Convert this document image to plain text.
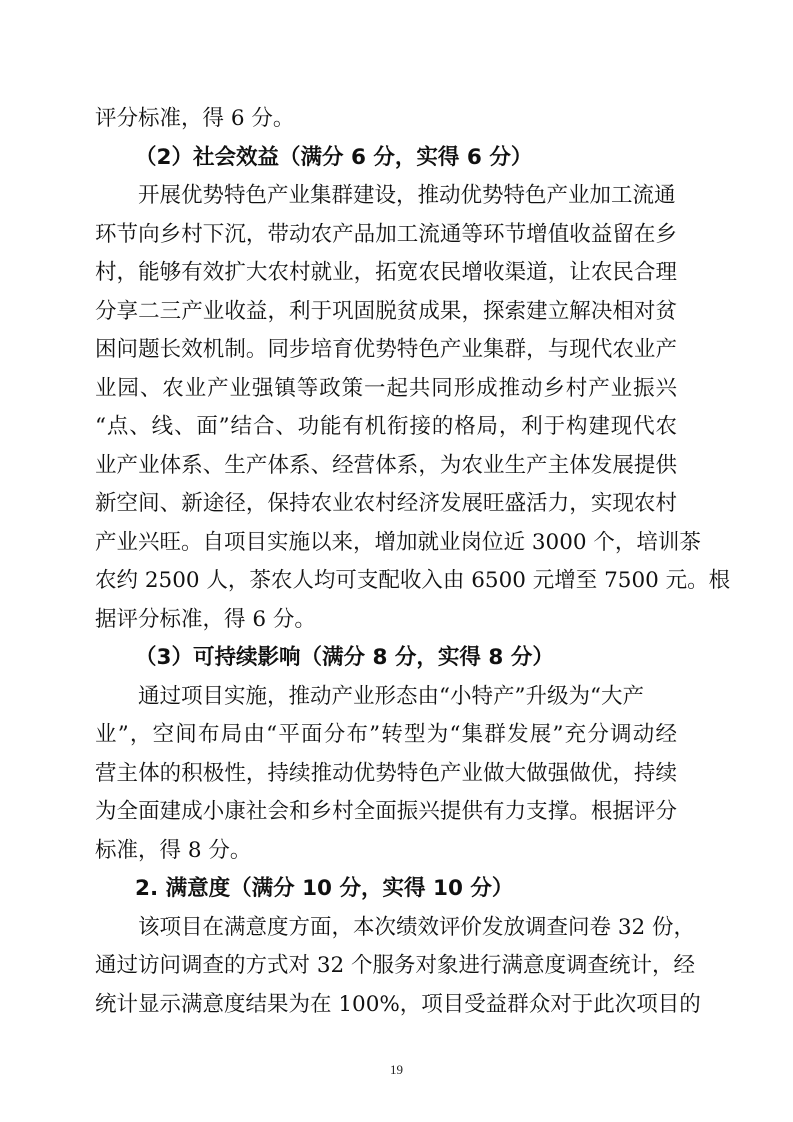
评分标准，得 6 分。
（2）社会效益（满分 6 分，实得 6 分）
开展优势特色产业集群建设，推动优势特色产业加工流通
环节向乡村下沉，带动农产品加工流通等环节增值收益留在乡
村，能够有效扩大农村就业，拓宽农民增收渠道，让农民合理
分享二三产业收益，利于巩固脱贫成果，探索建立解决相对贫
困问题长效机制。同步培育优势特色产业集群，与现代农业产
业园、农业产业强镇等政策一起共同形成推动乡村产业振兴
“点、线、面”结合、功能有机衔接的格局，利于构建现代农
业产业体系、生产体系、经营体系，为农业生产主体发展提供
新空间、新途径，保持农业农村经济发展旺盛活力，实现农村
产业兴旺。自项目实施以来，增加就业岗位近 3000 个，培训茶
农约 2500 人，茶农人均可支配收入由 6500 元增至 7500 元。根
据评分标准，得 6 分。
（3）可持续影响（满分 8 分，实得 8 分）
通过项目实施，推动产业形态由“小特产”升级为“大产
业”，空间布局由“平面分布”转型为“集群发展”充分调动经
营主体的积极性，持续推动优势特色产业做大做强做优，持续
为全面建成小康社会和乡村全面振兴提供有力支撑。根据评分
标准，得 8 分。
2. 满意度（满分 10 分，实得 10 分）
该项目在满意度方面，本次绩效评价发放调查问卷 32 份，
通过访问调查的方式对 32 个服务对象进行满意度调查统计，经
统计显示满意度结果为在 100%，项目受益群众对于此次项目的
19
